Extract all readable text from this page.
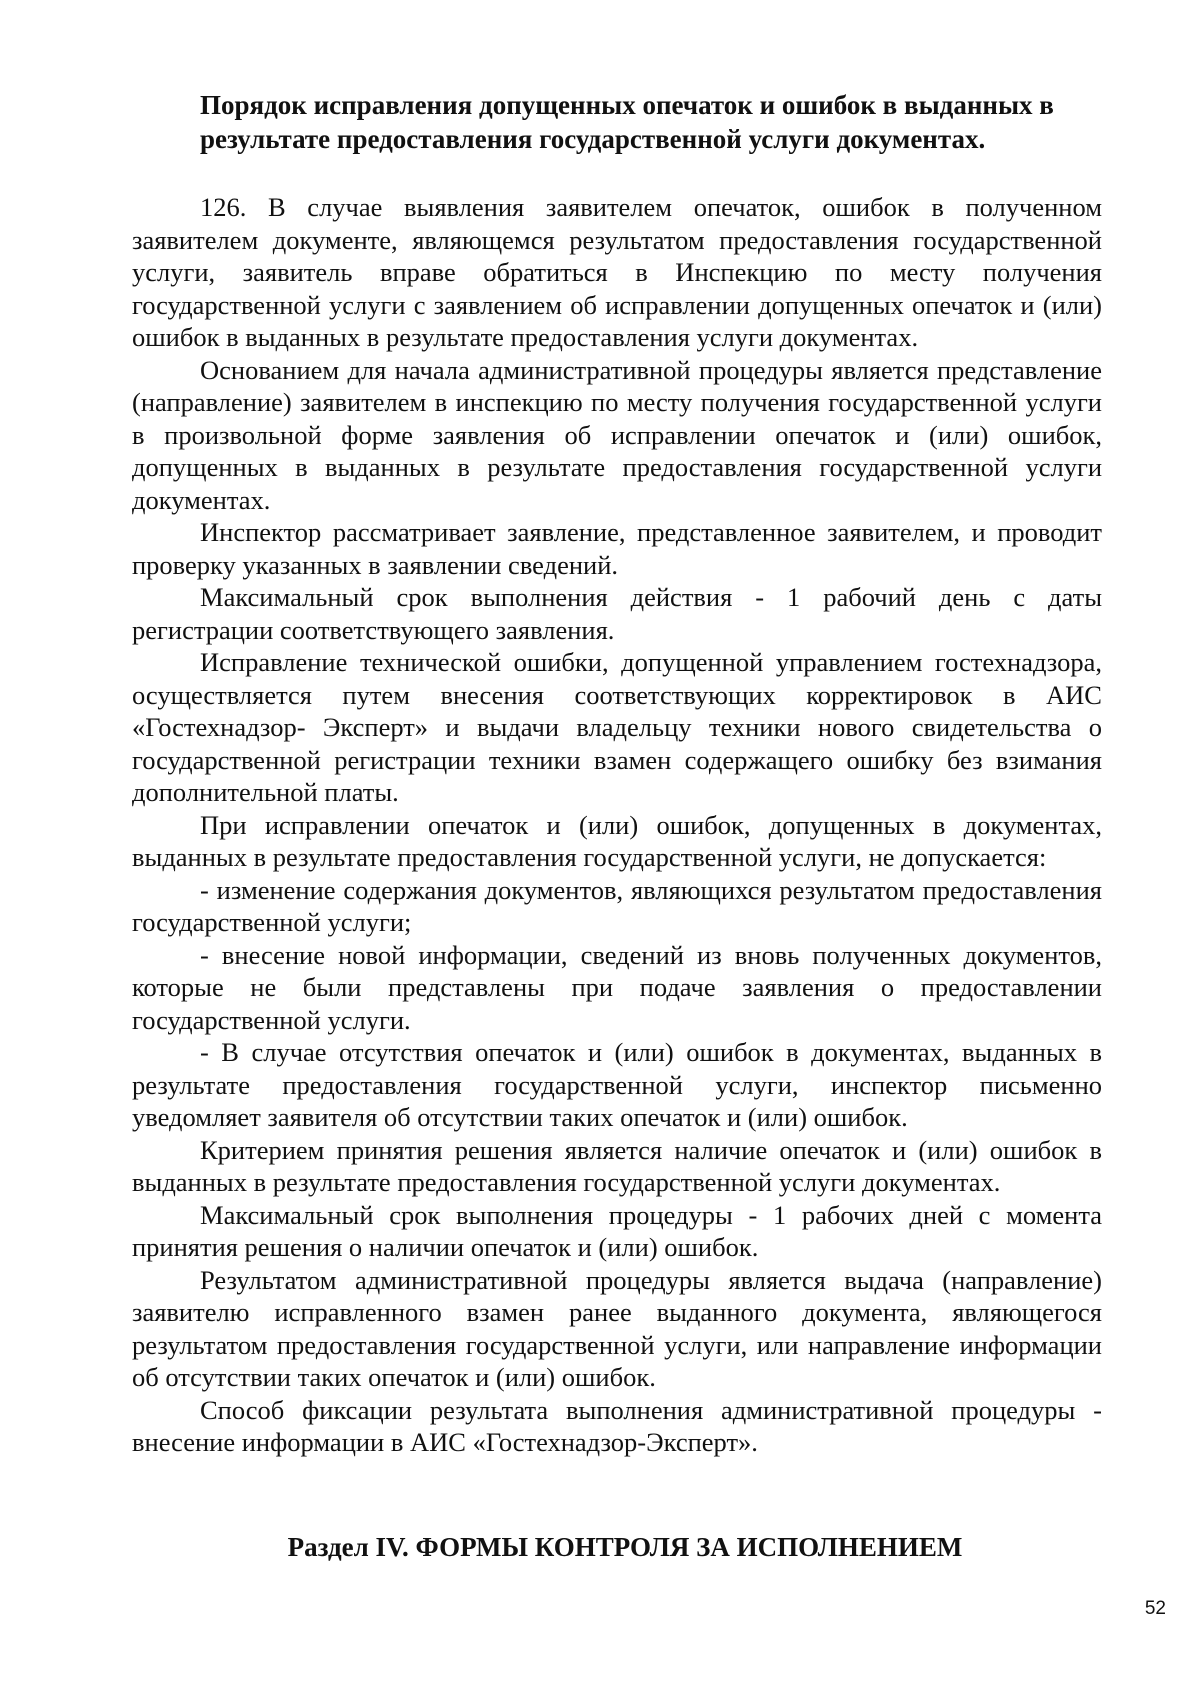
Порядок исправления допущенных опечаток и ошибок в выданных в результате предоставления государственной услуги документах.

126. В случае выявления заявителем опечаток, ошибок в полученном заявителем документе, являющемся результатом предоставления государственной услуги, заявитель вправе обратиться в Инспекцию по месту получения государственной услуги с заявлением об исправлении допущенных опечаток и (или) ошибок в выданных в результате предоставления услуги документах.

Основанием для начала административной процедуры является представление (направление) заявителем в инспекцию по месту получения государственной услуги в произвольной форме заявления об исправлении опечаток и (или) ошибок, допущенных в выданных в результате предоставления государственной услуги документах.

Инспектор рассматривает заявление, представленное заявителем, и проводит проверку указанных в заявлении сведений.

Максимальный срок выполнения действия - 1 рабочий день с даты регистрации соответствующего заявления.

Исправление технической ошибки, допущенной управлением гостехнадзора, осуществляется путем внесения соответствующих корректировок в АИС «Гостехнадзор- Эксперт» и выдачи владельцу техники нового свидетельства о государственной регистрации техники взамен содержащего ошибку без взимания дополнительной платы.

При исправлении опечаток и (или) ошибок, допущенных в документах, выданных в результате предоставления государственной услуги, не допускается:

- изменение содержания документов, являющихся результатом предоставления государственной услуги;

- внесение новой информации, сведений из вновь полученных документов, которые не были представлены при подаче заявления о предоставлении государственной услуги.

- В случае отсутствия опечаток и (или) ошибок в документах, выданных в результате предоставления государственной услуги, инспектор письменно уведомляет заявителя об отсутствии таких опечаток и (или) ошибок.

Критерием принятия решения является наличие опечаток и (или) ошибок в выданных в результате предоставления государственной услуги документах.

Максимальный срок выполнения процедуры - 1 рабочих дней с момента принятия решения о наличии опечаток и (или) ошибок.

Результатом административной процедуры является выдача (направление) заявителю исправленного взамен ранее выданного документа, являющегося результатом предоставления государственной услуги, или направление информации об отсутствии таких опечаток и (или) ошибок.

Способ фиксации результата выполнения административной процедуры - внесение информации в АИС «Гостехнадзор-Эксперт».

Раздел IV. ФОРМЫ КОНТРОЛЯ ЗА ИСПОЛНЕНИЕМ
52
